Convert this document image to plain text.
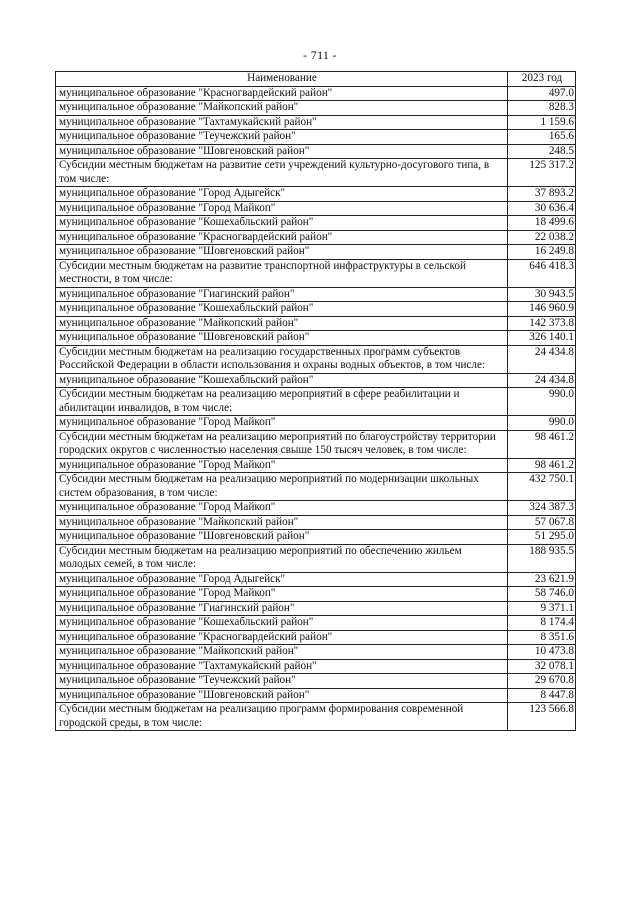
- 711 -
Наименование	2023 год
муниципальное образование "Красногвардейский район"	497.0
муниципальное образование "Майкопский район"	828.3
муниципальное образование "Тахтамукайский район"	1 159.6
муниципальное образование "Теучежский район"	165.6
муниципальное образование "Шовгеновский район"	248.5
Субсидии местным бюджетам на развитие сети учреждений культурно-досугового типа, в том числе:	125 317.2
муниципальное образование "Город Адыгейск"	37 893.2
муниципальное образование "Город Майкоп"	30 636.4
муниципальное образование "Кошехабльский район"	18 499.6
муниципальное образование "Красногвардейский район"	22 038.2
муниципальное образование "Шовгеновский район"	16 249.8
Субсидии местным бюджетам на развитие транспортной инфраструктуры в сельской местности, в том числе:	646 418.3
муниципальное образование "Гиагинский район"	30 943.5
муниципальное образование "Кошехабльский район"	146 960.9
муниципальное образование "Майкопский район"	142 373.8
муниципальное образование "Шовгеновский район"	326 140.1
Субсидии местным бюджетам на реализацию государственных программ субъектов Российской Федерации в области использования и охраны водных объектов, в том числе:	24 434.8
муниципальное образование "Кошехабльский район"	24 434.8
Субсидии местным бюджетам на реализацию мероприятий в сфере реабилитации и абилитации инвалидов, в том числе:	990.0
муниципальное образование "Город Майкоп"	990.0
Субсидии местным бюджетам на реализацию мероприятий по благоустройству территории городских округов с численностью населения свыше 150 тысяч человек, в том числе:	98 461.2
муниципальное образование "Город Майкоп"	98 461.2
Субсидии местным бюджетам на реализацию мероприятий по модернизации школьных систем образования, в том числе:	432 750.1
муниципальное образование "Город Майкоп"	324 387.3
муниципальное образование "Майкопский район"	57 067.8
муниципальное образование "Шовгеновский район"	51 295.0
Субсидии местным бюджетам на реализацию мероприятий по обеспечению жильем молодых семей, в том числе:	188 935.5
муниципальное образование "Город Адыгейск"	23 621.9
муниципальное образование "Город Майкоп"	58 746.0
муниципальное образование "Гиагинский район"	9 371.1
муниципальное образование "Кошехабльский район"	8 174.4
муниципальное образование "Красногвардейский район"	8 351.6
муниципальное образование "Майкопский район"	10 473.8
муниципальное образование "Тахтамукайский район"	32 078.1
муниципальное образование "Теучежский район"	29 670.8
муниципальное образование "Шовгеновский район"	8 447.8
Субсидии местным бюджетам на реализацию программ формирования современной городской среды, в том числе:	123 566.8
